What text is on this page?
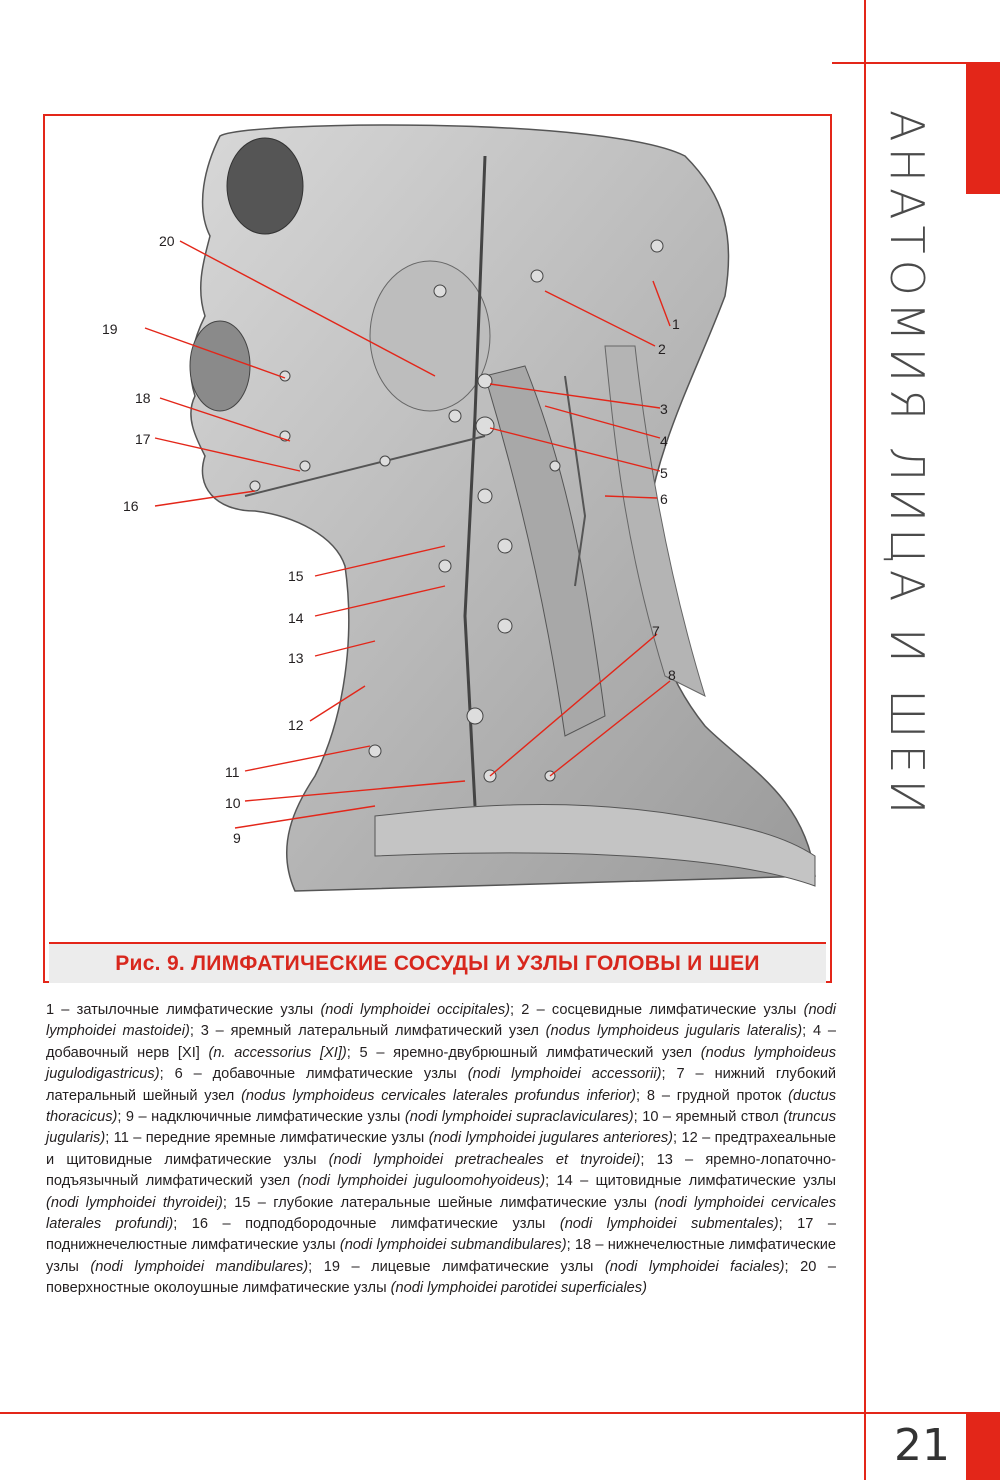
АНАТОМИЯ ЛИЦА И ШЕИ
21
1
2
3
4
5
6
7
8
9
10
11
12
13
14
15
16
17
18
19
20
Рис. 9. ЛИМФАТИЧЕСКИЕ СОСУДЫ И УЗЛЫ ГОЛОВЫ И ШЕИ
1 – затылочные лимфатические узлы (nodi lymphoidei occipitales); 2 – сосцевидные лимфатические узлы (nodi lymphoidei mastoidei); 3 – яремный латеральный лимфатический узел (nodus lymphoideus jugularis lateralis); 4 – добавочный нерв [XI] (n. accessorius [XI]); 5 – яремно-двубрюшный лимфатический узел (nodus lymphoideus jugulodigastricus); 6 – добавочные лимфатические узлы (nodi lymphoidei accessorii); 7 – нижний глубокий латеральный шейный узел (nodus lymphoideus cervicales laterales profundus inferior); 8 – грудной проток (ductus thoracicus); 9 – надключичные лимфатические узлы (nodi lymphoidei supraclaviculares); 10 – яремный ствол (truncus jugularis); 11 – передние яремные лимфатические узлы (nodi lymphoidei jugulares anteriores); 12 – предтрахеальные и щитовидные лимфатические узлы (nodi lymphoidei pretracheales et tnyroidei); 13 – яремно-лопаточно-подъязычный лимфатический узел (nodi lymphoidei juguloomohyoideus); 14 – щитовидные лимфатические узлы (nodi lymphoidei thyroidei); 15 – глубокие латеральные шейные лимфатические узлы (nodi lymphoidei cervicales laterales profundi); 16 – подподбородочные лимфатические узлы (nodi lymphoidei submentales); 17 – поднижнечелюстные лимфатические узлы (nodi lymphoidei submandibulares); 18 – нижнечелюстные лимфатические узлы (nodi lymphoidei mandibulares); 19 – лицевые лимфатические узлы (nodi lymphoidei faciales); 20 – поверхностные околоушные лимфатические узлы (nodi lymphoidei parotidei superficiales)
